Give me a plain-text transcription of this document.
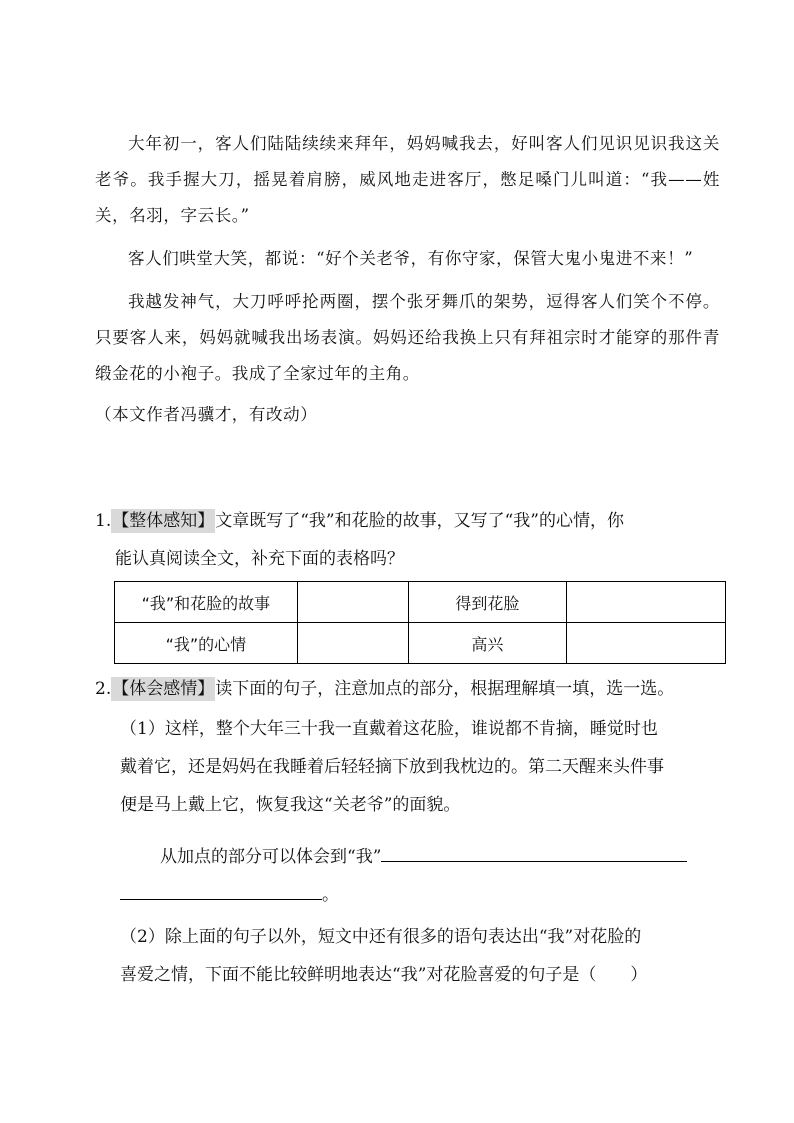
大年初一，客人们陆陆续续来拜年，妈妈喊我去，好叫客人们见识见识我这关老爷。我手握大刀，摇晃着肩膀，威风地走进客厅，憋足嗓门儿叫道：“我——姓关，名羽，字云长。”

客人们哄堂大笑，都说：“好个关老爷，有你守家，保管大鬼小鬼进不来！”

我越发神气，大刀呼呼抡两圈，摆个张牙舞爪的架势，逗得客人们笑个不停。只要客人来，妈妈就喊我出场表演。妈妈还给我换上只有拜祖宗时才能穿的那件青缎金花的小袍子。我成了全家过年的主角。

（本文作者冯骥才，有改动）

1.【整体感知】文章既写了“我”和花脸的故事，又写了“我”的心情，你
能认真阅读全文，补充下面的表格吗？
“我”和花脸的故事		得到花脸	
“我”的心情		高兴	
2.【体会感情】读下面的句子，注意加点的部分，根据理解填一填，选一选。
（1）这样，整个大年三十我一直戴着这花脸，谁说都不肯摘，睡觉时也
戴着它，还是妈妈在我睡着后轻轻摘下放到我枕边的。第二天醒来头件事
便是马上戴上它，恢复我这“关老爷”的面貌。
从加点的部分可以体会到“我”
。
（2）除上面的句子以外，短文中还有很多的语句表达出“我”对花脸的
喜爱之情，下面不能比较鲜明地表达“我”对花脸喜爱的句子是（　　）
